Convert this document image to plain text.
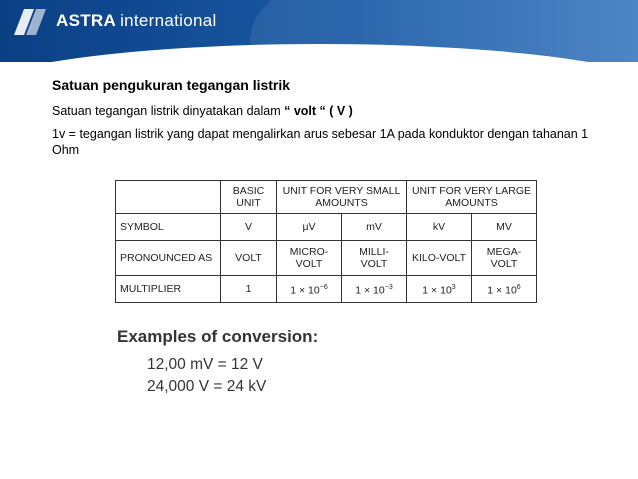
ASTRA international
Satuan pengukuran tegangan listrik
Satuan tegangan listrik dinyatakan dalam “ volt “ ( V )
1v = tegangan listrik yang dapat mengalirkan arus sebesar 1A pada konduktor dengan tahanan 1 Ohm
	BASIC UNIT	UNIT FOR VERY SMALL AMOUNTS		UNIT FOR VERY LARGE AMOUNTS	
SYMBOL	V	μV	mV	kV	MV
PRONOUNCED AS	VOLT	MICRO-VOLT	MILLI-VOLT	KILO-VOLT	MEGA-VOLT
MULTIPLIER	1	$1 \times 10^{-6}$	$1 \times 10^{-3}$	$1 \times 10^3$	$1 \times 10^6$
Examples of conversion:
12,00 mV = 12 V
24,000 V = 24 kV
